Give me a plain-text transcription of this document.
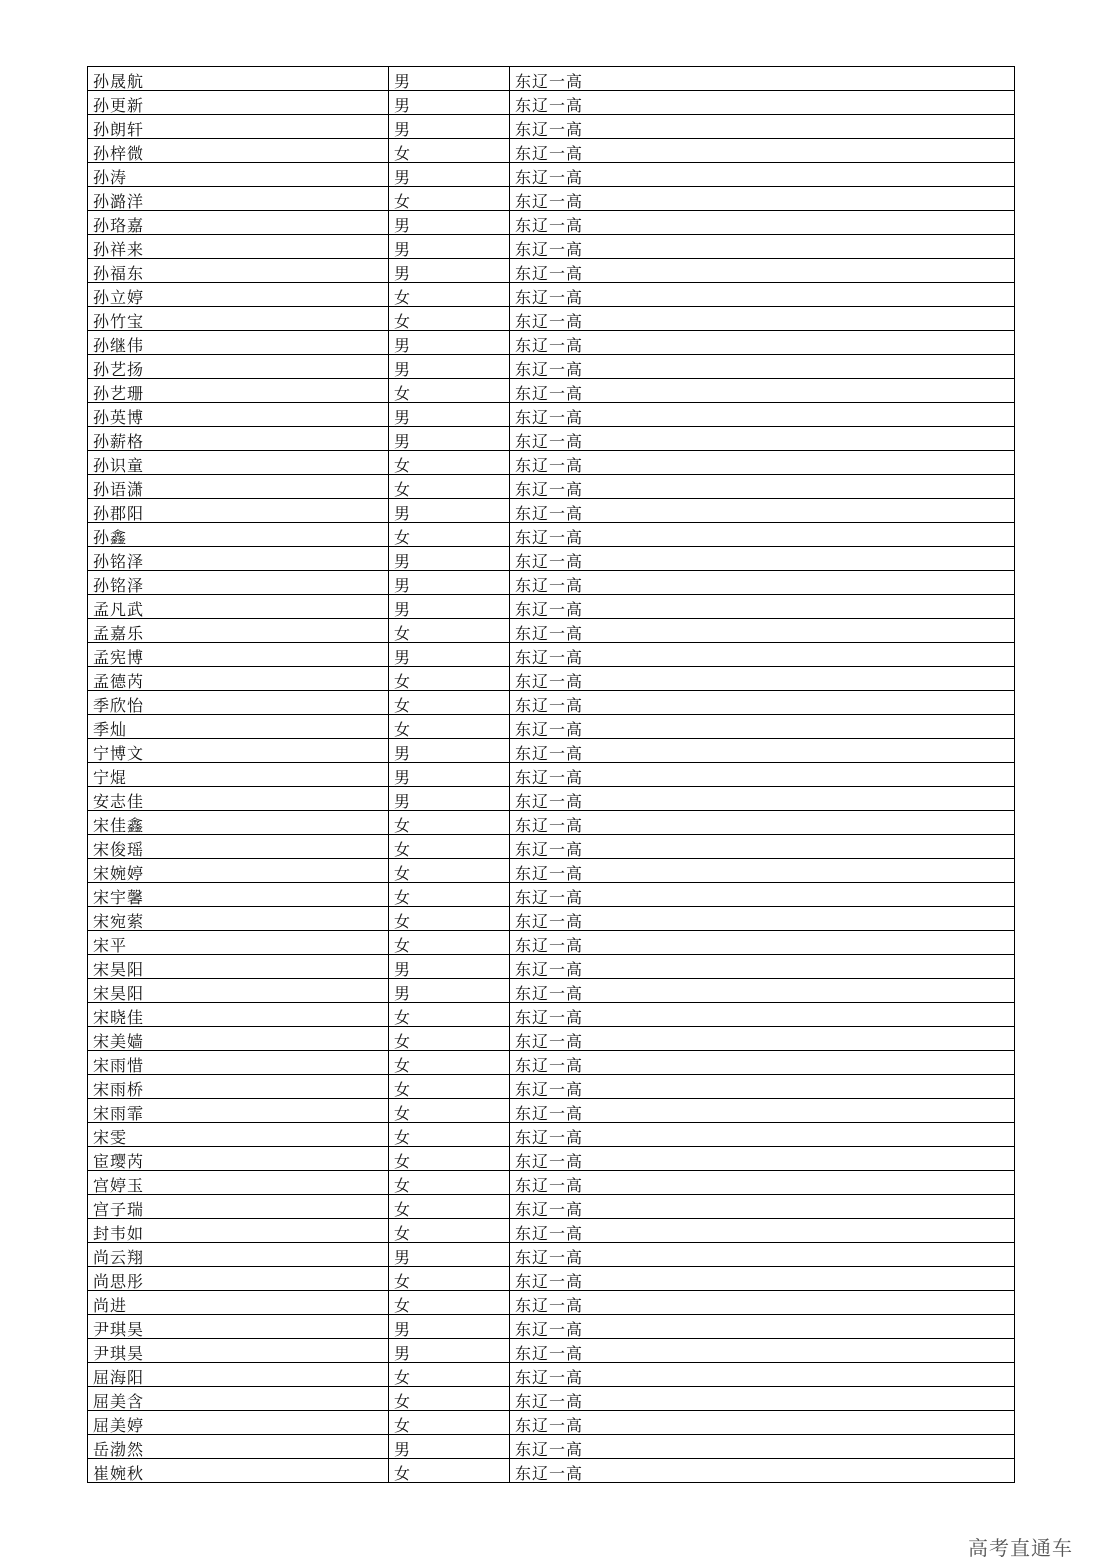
孙晟航	男	东辽一高
孙更新	男	东辽一高
孙朗轩	男	东辽一高
孙梓微	女	东辽一高
孙涛	男	东辽一高
孙潞洋	女	东辽一高
孙珞嘉	男	东辽一高
孙祥来	男	东辽一高
孙福东	男	东辽一高
孙立婷	女	东辽一高
孙竹宝	女	东辽一高
孙继伟	男	东辽一高
孙艺扬	男	东辽一高
孙艺珊	女	东辽一高
孙英博	男	东辽一高
孙薪格	男	东辽一高
孙识童	女	东辽一高
孙语潇	女	东辽一高
孙郡阳	男	东辽一高
孙鑫	女	东辽一高
孙铭泽	男	东辽一高
孙铭泽	男	东辽一高
孟凡武	男	东辽一高
孟嘉乐	女	东辽一高
孟宪博	男	东辽一高
孟德芮	女	东辽一高
季欣怡	女	东辽一高
季灿	女	东辽一高
宁博文	男	东辽一高
宁焜	男	东辽一高
安志佳	男	东辽一高
宋佳鑫	女	东辽一高
宋俊瑶	女	东辽一高
宋婉婷	女	东辽一高
宋宇馨	女	东辽一高
宋宛萦	女	东辽一高
宋平	女	东辽一高
宋昊阳	男	东辽一高
宋昊阳	男	东辽一高
宋晓佳	女	东辽一高
宋美嫱	女	东辽一高
宋雨惜	女	东辽一高
宋雨桥	女	东辽一高
宋雨霏	女	东辽一高
宋雯	女	东辽一高
宦璎芮	女	东辽一高
宫婷玉	女	东辽一高
宫子瑞	女	东辽一高
封韦如	女	东辽一高
尚云翔	男	东辽一高
尚思彤	女	东辽一高
尚进	女	东辽一高
尹琪昊	男	东辽一高
尹琪昊	男	东辽一高
屈海阳	女	东辽一高
屈美含	女	东辽一高
屈美婷	女	东辽一高
岳渤然	男	东辽一高
崔婉秋	女	东辽一高
高考直通车
